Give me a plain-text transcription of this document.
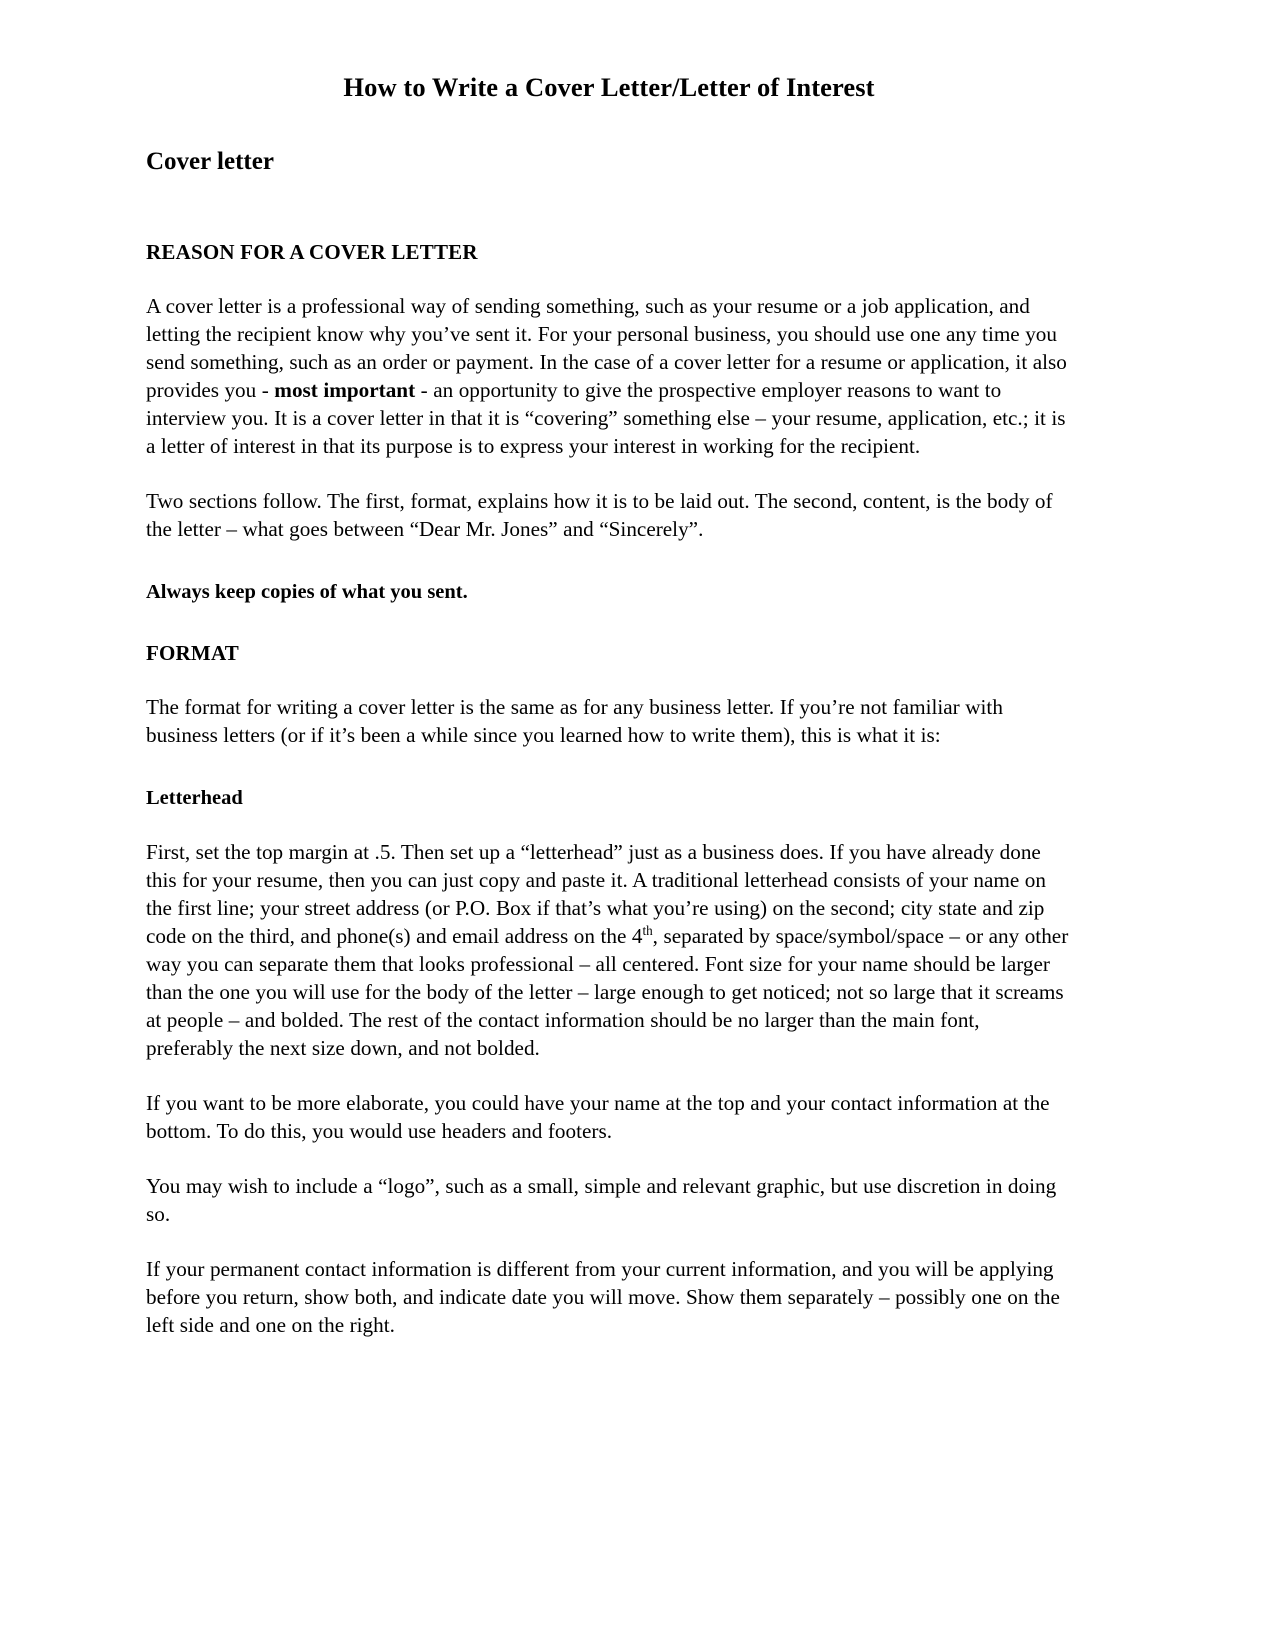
How to Write a Cover Letter/Letter of Interest
Cover letter
REASON FOR A COVER LETTER

A cover letter is a professional way of sending something, such as your resume or a job application, and letting the recipient know why you’ve sent it. For your personal business, you should use one any time you send something, such as an order or payment. In the case of a cover letter for a resume or application, it also provides you - most important - an opportunity to give the prospective employer reasons to want to interview you. It is a cover letter in that it is “covering” something else – your resume, application, etc.; it is a letter of interest in that its purpose is to express your interest in working for the recipient.

Two sections follow. The first, format, explains how it is to be laid out. The second, content, is the body of the letter – what goes between “Dear Mr. Jones” and “Sincerely”.

Always keep copies of what you sent.

FORMAT

The format for writing a cover letter is the same as for any business letter. If you’re not familiar with business letters (or if it’s been a while since you learned how to write them), this is what it is:

Letterhead

First, set the top margin at .5. Then set up a “letterhead” just as a business does. If you have already done this for your resume, then you can just copy and paste it. A traditional letterhead consists of your name on the first line; your street address (or P.O. Box if that’s what you’re using) on the second; city state and zip code on the third, and phone(s) and email address on the 4th, separated by space/symbol/space – or any other way you can separate them that looks professional – all centered. Font size for your name should be larger than the one you will use for the body of the letter – large enough to get noticed; not so large that it screams at people – and bolded. The rest of the contact information should be no larger than the main font, preferably the next size down, and not bolded.

If you want to be more elaborate, you could have your name at the top and your contact information at the bottom. To do this, you would use headers and footers.

You may wish to include a “logo”, such as a small, simple and relevant graphic, but use discretion in doing so.

If your permanent contact information is different from your current information, and you will be applying before you return, show both, and indicate date you will move. Show them separately – possibly one on the left side and one on the right.
